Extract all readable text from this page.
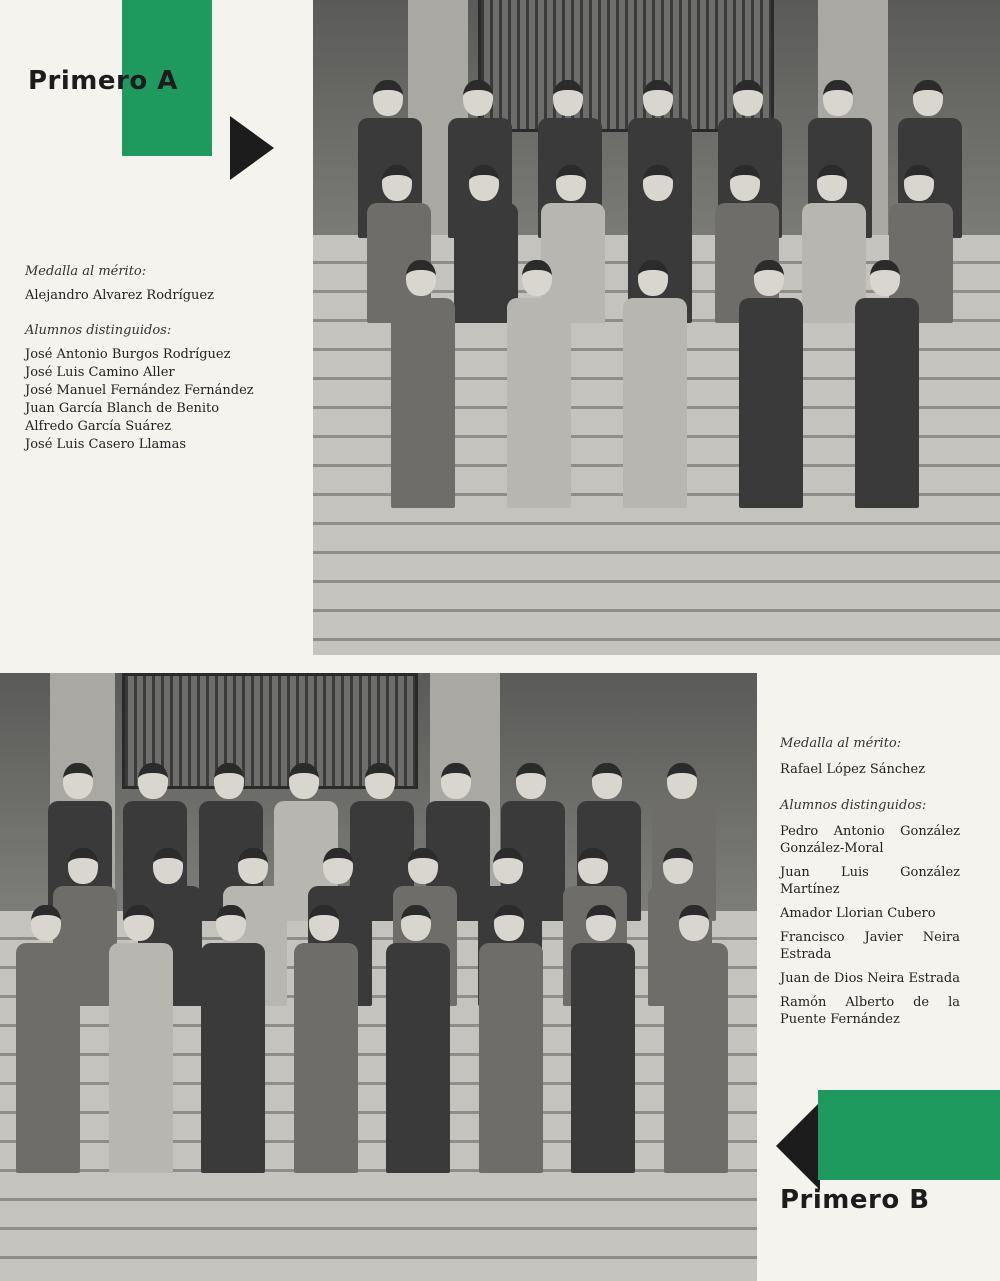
Primero A

Medalla al mérito:

Alejandro Alvarez Rodríguez

Alumnos distinguidos:

José Antonio Burgos Rodríguez

José Luis Camino Aller

José Manuel Fernández Fernández

Juan García Blanch de Benito

Alfredo García Suárez

José Luis Casero Llamas

Medalla al mérito:

Rafael López Sánchez

Alumnos distinguidos:

Pedro Antonio González González-Moral

Juan Luis González Martínez

Amador Llorian Cubero

Francisco Javier Neira Estrada

Juan de Dios Neira Estrada

Ramón Alberto de la Puente Fernández

Primero B
